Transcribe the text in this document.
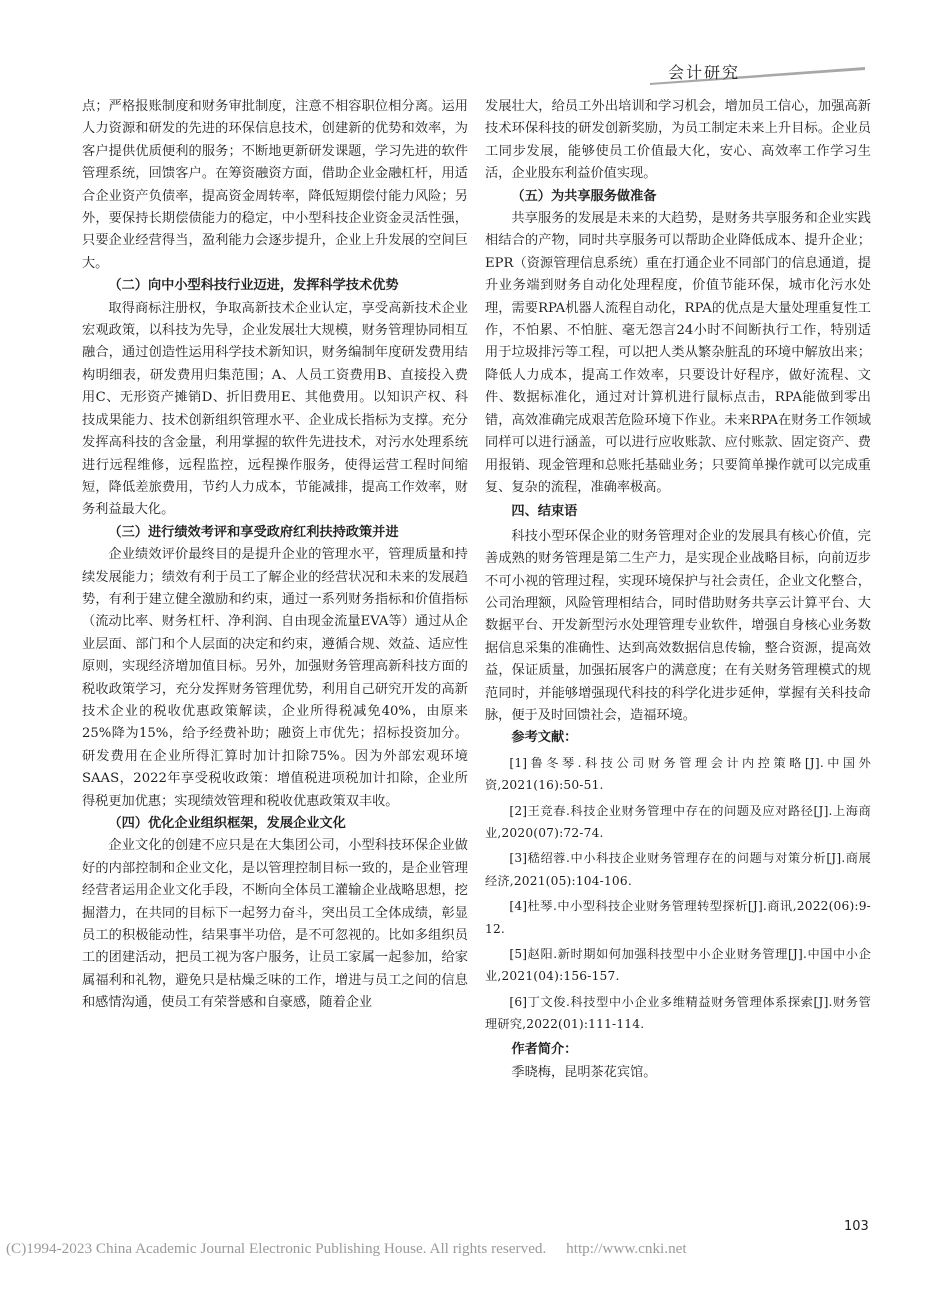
会计研究

点；严格报账制度和财务审批制度，注意不相容职位相分离。运用人力资源和研发的先进的环保信息技术，创建新的优势和效率，为客户提供优质便利的服务；不断地更新研发课题，学习先进的软件管理系统，回馈客户。在筹资融资方面，借助企业金融杠杆，用适合企业资产负债率，提高资金周转率，降低短期偿付能力风险；另外，要保持长期偿债能力的稳定，中小型科技企业资金灵活性强，只要企业经营得当，盈利能力会逐步提升，企业上升发展的空间巨大。

（二）向中小型科技行业迈进，发挥科学技术优势

取得商标注册权，争取高新技术企业认定，享受高新技术企业宏观政策，以科技为先导，企业发展壮大规模，财务管理协同相互融合，通过创造性运用科学技术新知识，财务编制年度研发费用结构明细表，研发费用归集范围；A、人员工资费用B、直接投入费用C、无形资产摊销D、折旧费用E、其他费用。以知识产权、科技成果能力、技术创新组织管理水平、企业成长指标为支撑。充分发挥高科技的含金量，利用掌握的软件先进技术，对污水处理系统进行远程维修，远程监控，远程操作服务，使得运营工程时间缩短，降低差旅费用，节约人力成本，节能减排，提高工作效率，财务利益最大化。

（三）进行绩效考评和享受政府红利扶持政策并进

企业绩效评价最终目的是提升企业的管理水平，管理质量和持续发展能力；绩效有利于员工了解企业的经营状况和未来的发展趋势，有利于建立健全激励和约束，通过一系列财务指标和价值指标（流动比率、财务杠杆、净利润、自由现金流量EVA等）通过从企业层面、部门和个人层面的决定和约束，遵循合规、效益、适应性原则，实现经济增加值目标。另外，加强财务管理高新科技方面的税收政策学习，充分发挥财务管理优势，利用自己研究开发的高新技术企业的税收优惠政策解读，企业所得税减免40%，由原来25%降为15%，给予经费补助；融资上市优先；招标投资加分。研发费用在企业所得汇算时加计扣除75%。因为外部宏观环境SAAS，2022年享受税收政策：增值税进项税加计扣除，企业所得税更加优惠；实现绩效管理和税收优惠政策双丰收。

（四）优化企业组织框架，发展企业文化

企业文化的创建不应只是在大集团公司，小型科技环保企业做好的内部控制和企业文化，是以管理控制目标一致的，是企业管理经营者运用企业文化手段，不断向全体员工灌输企业战略思想，挖掘潜力，在共同的目标下一起努力奋斗，突出员工全体成绩，彰显员工的积极能动性，结果事半功倍，是不可忽视的。比如多组织员工的团建活动，把员工视为客户服务，让员工家属一起参加，给家属福利和礼物，避免只是枯燥乏味的工作，增进与员工之间的信息和感情沟通，使员工有荣誉感和自豪感，随着企业

发展壮大，给员工外出培训和学习机会，增加员工信心，加强高新技术环保科技的研发创新奖励，为员工制定未来上升目标。企业员工同步发展，能够使员工价值最大化，安心、高效率工作学习生活，企业股东利益价值实现。

（五）为共享服务做准备

共享服务的发展是未来的大趋势，是财务共享服务和企业实践相结合的产物，同时共享服务可以帮助企业降低成本、提升企业；EPR（资源管理信息系统）重在打通企业不同部门的信息通道，提升业务端到财务自动化处理程度，价值节能环保，城市化污水处理，需要RPA机器人流程自动化，RPA的优点是大量处理重复性工作，不怕累、不怕脏、毫无怨言24小时不间断执行工作，特别适用于垃圾排污等工程，可以把人类从繁杂脏乱的环境中解放出来；降低人力成本，提高工作效率，只要设计好程序，做好流程、文件、数据标准化，通过对计算机进行鼠标点击，RPA能做到零出错，高效准确完成艰苦危险环境下作业。未来RPA在财务工作领域同样可以进行涵盖，可以进行应收账款、应付账款、固定资产、费用报销、现金管理和总账托基础业务；只要简单操作就可以完成重复、复杂的流程，准确率极高。

四、结束语

科技小型环保企业的财务管理对企业的发展具有核心价值，完善成熟的财务管理是第二生产力，是实现企业战略目标，向前迈步不可小视的管理过程，实现环境保护与社会责任，企业文化整合，公司治理额，风险管理相结合，同时借助财务共享云计算平台、大数据平台、开发新型污水处理管理专业软件，增强自身核心业务数据信息采集的准确性、达到高效数据信息传输，整合资源，提高效益，保证质量，加强拓展客户的满意度；在有关财务管理模式的规范同时，并能够增强现代科技的科学化进步延伸，掌握有关科技命脉，便于及时回馈社会，造福环境。

参考文献：
[1]鲁冬琴.科技公司财务管理会计内控策略[J].中国外资,2021(16):50-51.
[2]王竞春.科技企业财务管理中存在的问题及应对路径[J].上海商业,2020(07):72-74.
[3]嵇绍蓉.中小科技企业财务管理存在的问题与对策分析[J].商展经济,2021(05):104-106.
[4]杜琴.中小型科技企业财务管理转型探析[J].商讯,2022(06):9-12.
[5]赵阳.新时期如何加强科技型中小企业财务管理[J].中国中小企业,2021(04):156-157.
[6]丁文俊.科技型中小企业多维精益财务管理体系探索[J].财务管理研究,2022(01):111-114.
作者简介：
季晓梅，昆明茶花宾馆。
103
(C)1994-2023 China Academic Journal Electronic Publishing House. All rights reserved. http://www.cnki.net
